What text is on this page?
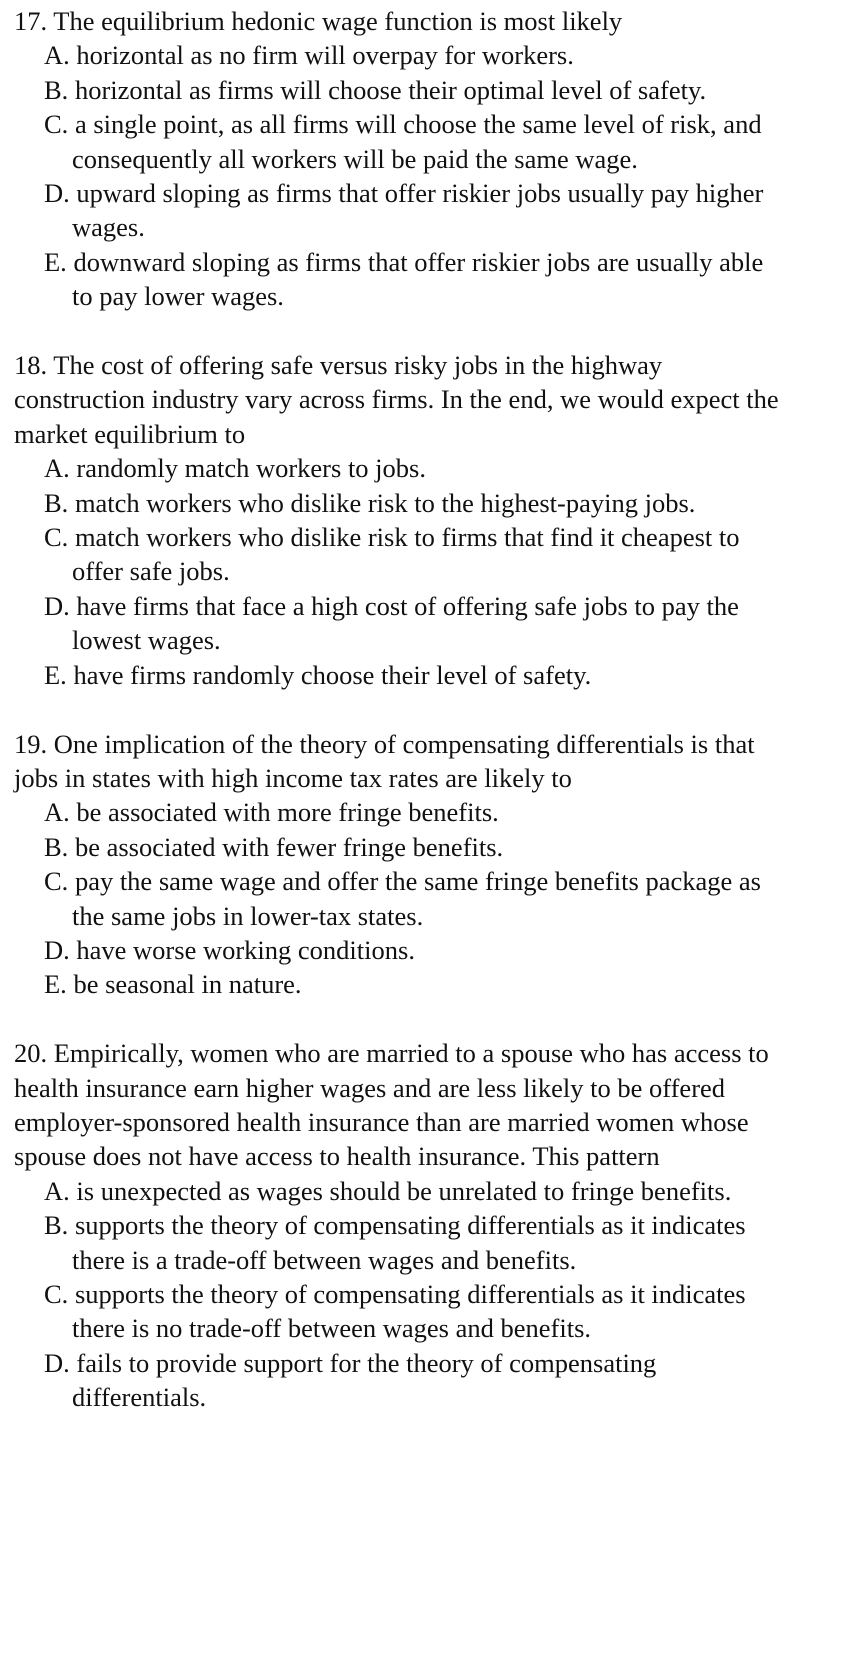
17. The equilibrium hedonic wage function is most likely

A. horizontal as no firm will overpay for workers.
B. horizontal as firms will choose their optimal level of safety.
C. a single point, as all firms will choose the same level of risk, and consequently all workers will be paid the same wage.
D. upward sloping as firms that offer riskier jobs usually pay higher wages.
E. downward sloping as firms that offer riskier jobs are usually able to pay lower wages.

18. The cost of offering safe versus risky jobs in the highway construction industry vary across firms. In the end, we would expect the market equilibrium to

A. randomly match workers to jobs.
B. match workers who dislike risk to the highest-paying jobs.
C. match workers who dislike risk to firms that find it cheapest to offer safe jobs.
D. have firms that face a high cost of offering safe jobs to pay the lowest wages.
E. have firms randomly choose their level of safety.

19. One implication of the theory of compensating differentials is that jobs in states with high income tax rates are likely to

A. be associated with more fringe benefits.
B. be associated with fewer fringe benefits.
C. pay the same wage and offer the same fringe benefits package as the same jobs in lower-tax states.
D. have worse working conditions.
E. be seasonal in nature.

20. Empirically, women who are married to a spouse who has access to health insurance earn higher wages and are less likely to be offered employer-sponsored health insurance than are married women whose spouse does not have access to health insurance. This pattern

A. is unexpected as wages should be unrelated to fringe benefits.
B. supports the theory of compensating differentials as it indicates there is a trade-off between wages and benefits.
C. supports the theory of compensating differentials as it indicates there is no trade-off between wages and benefits.
D. fails to provide support for the theory of compensating differentials.
